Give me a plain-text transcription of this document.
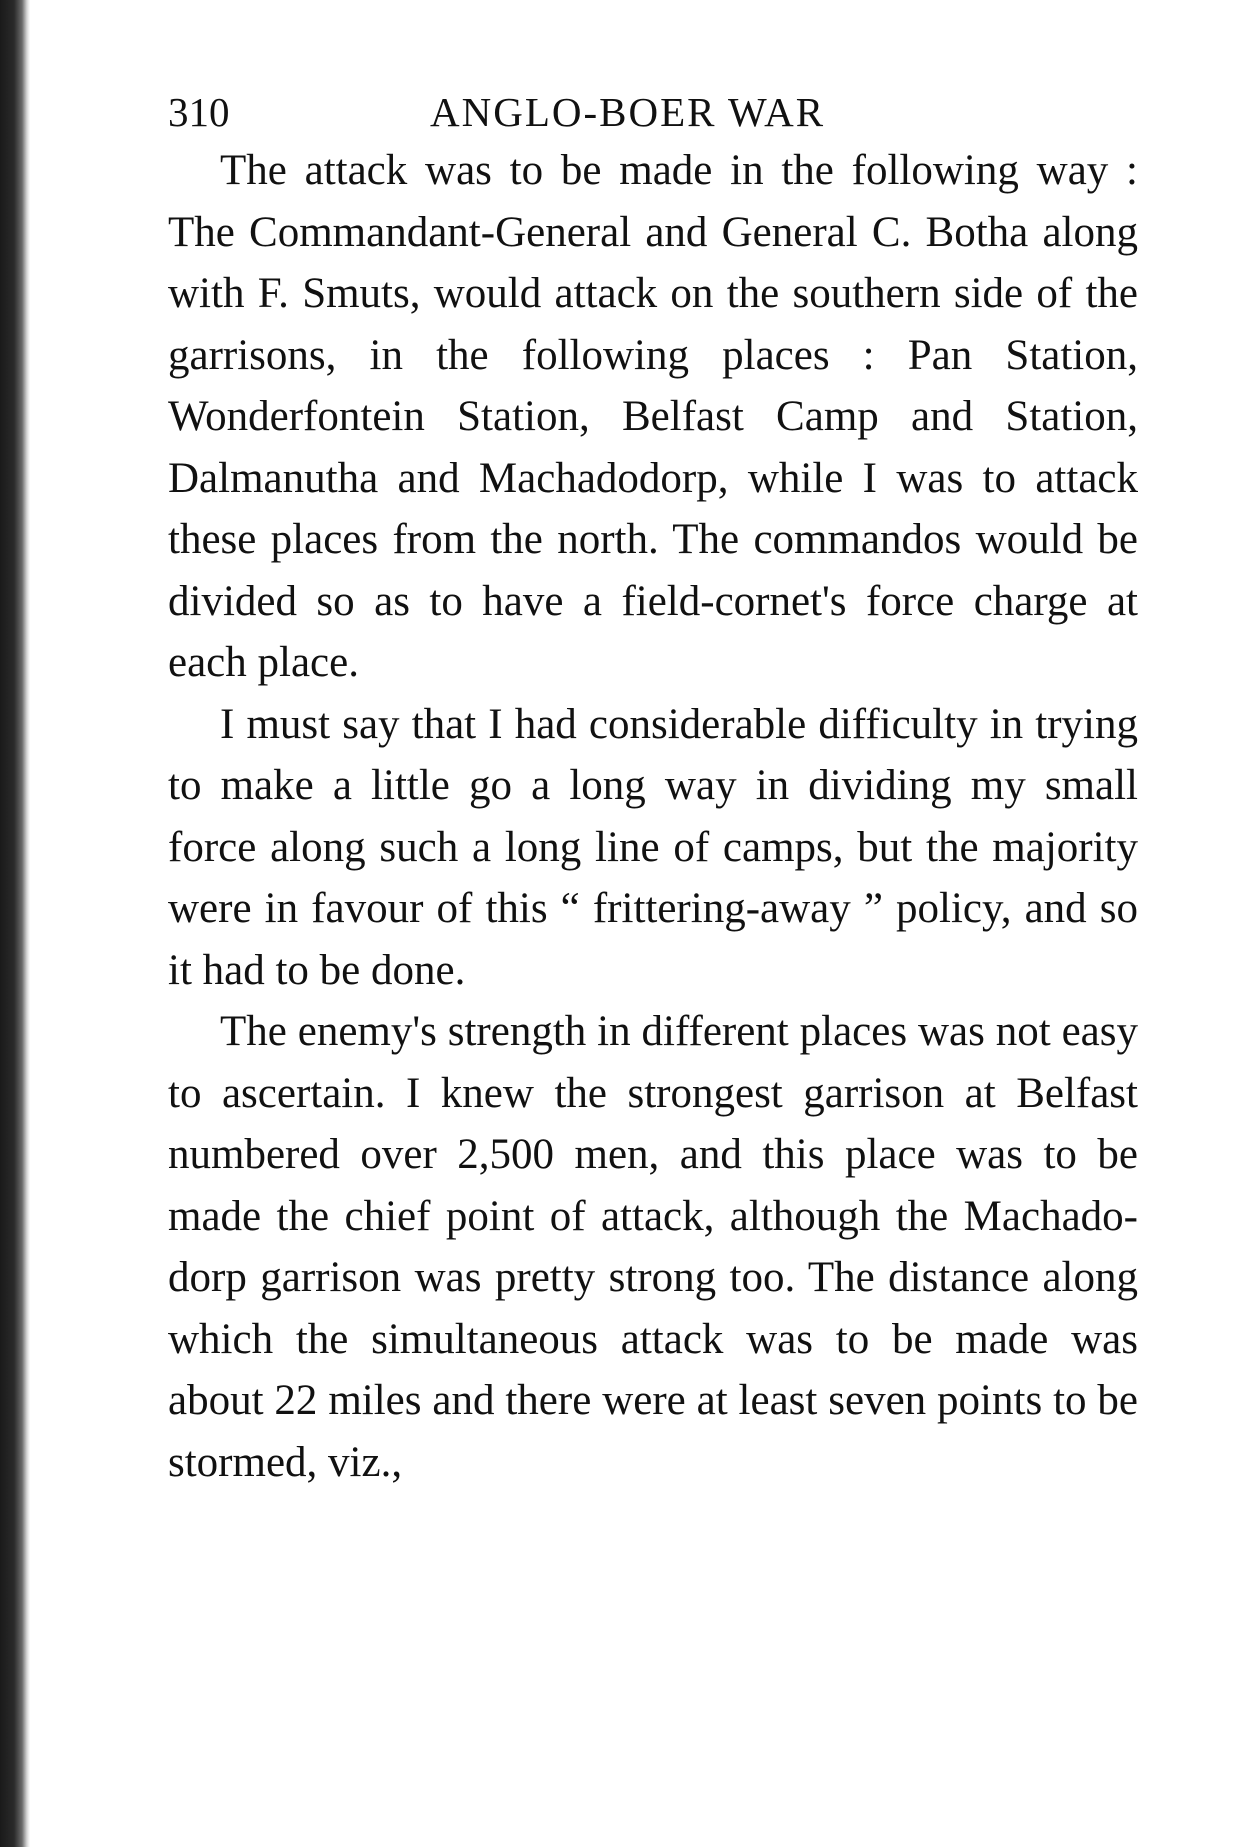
310	ANGLO-BOER WAR

The attack was to be made in the following way : The Commandant-General and General C. Botha along with F. Smuts, would attack on the southern side of the garrisons, in the following places : Pan Station, Wonderfontein Station, Belfast Camp and Station, Dalmanutha and Machadodorp, while I was to attack these places from the north. The commandos would be divided so as to have a field-cornet's force charge at each place.

I must say that I had considerable difficulty in trying to make a little go a long way in dividing my small force along such a long line of camps, but the majority were in favour of this “ frittering-away ” policy, and so it had to be done.

The enemy's strength in different places was not easy to ascertain. I knew the strongest garrison at Belfast numbered over 2,500 men, and this place was to be made the chief point of attack, although the Machado-dorp garrison was pretty strong too. The distance along which the simultaneous attack was to be made was about 22 miles and there were at least seven points to be stormed, viz.,
